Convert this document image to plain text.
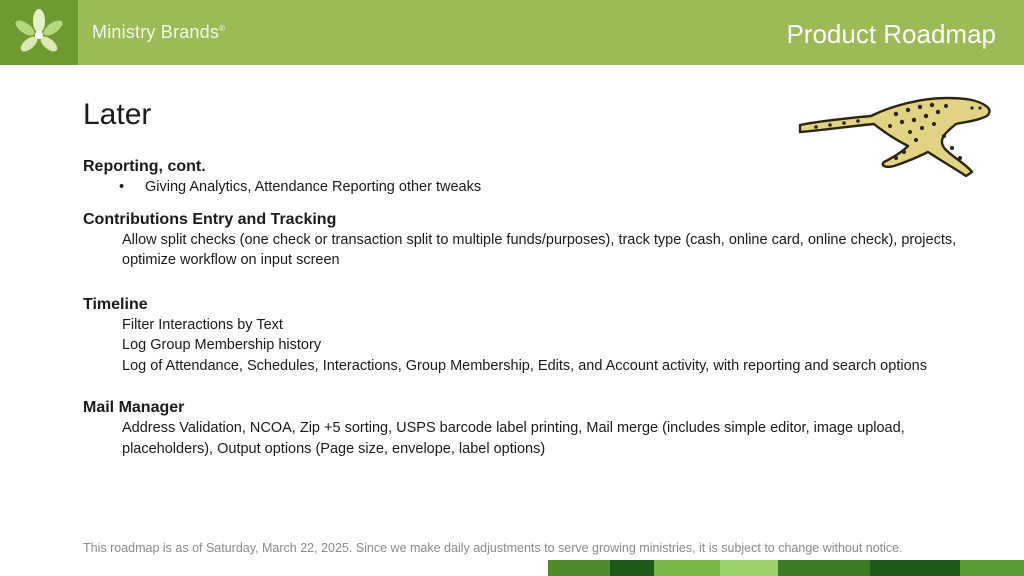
Ministry Brands®	Product Roadmap
Later

Reporting, cont.

•	Giving Analytics, Attendance Reporting other tweaks

Contributions Entry and Tracking

Allow split checks (one check or transaction split to multiple funds/purposes), track type (cash, online card, online check), projects, optimize workflow on input screen

Timeline

Filter Interactions by Text
Log Group Membership history
Log of Attendance, Schedules, Interactions, Group Membership, Edits, and Account activity, with reporting and search options

Mail Manager

Address Validation, NCOA, Zip +5 sorting, USPS barcode label printing, Mail merge (includes simple editor, image upload, placeholders), Output options (Page size, envelope, label options)
This roadmap is as of Saturday, March 22, 2025. Since we make daily adjustments to serve growing ministries, it is subject to change without notice.
